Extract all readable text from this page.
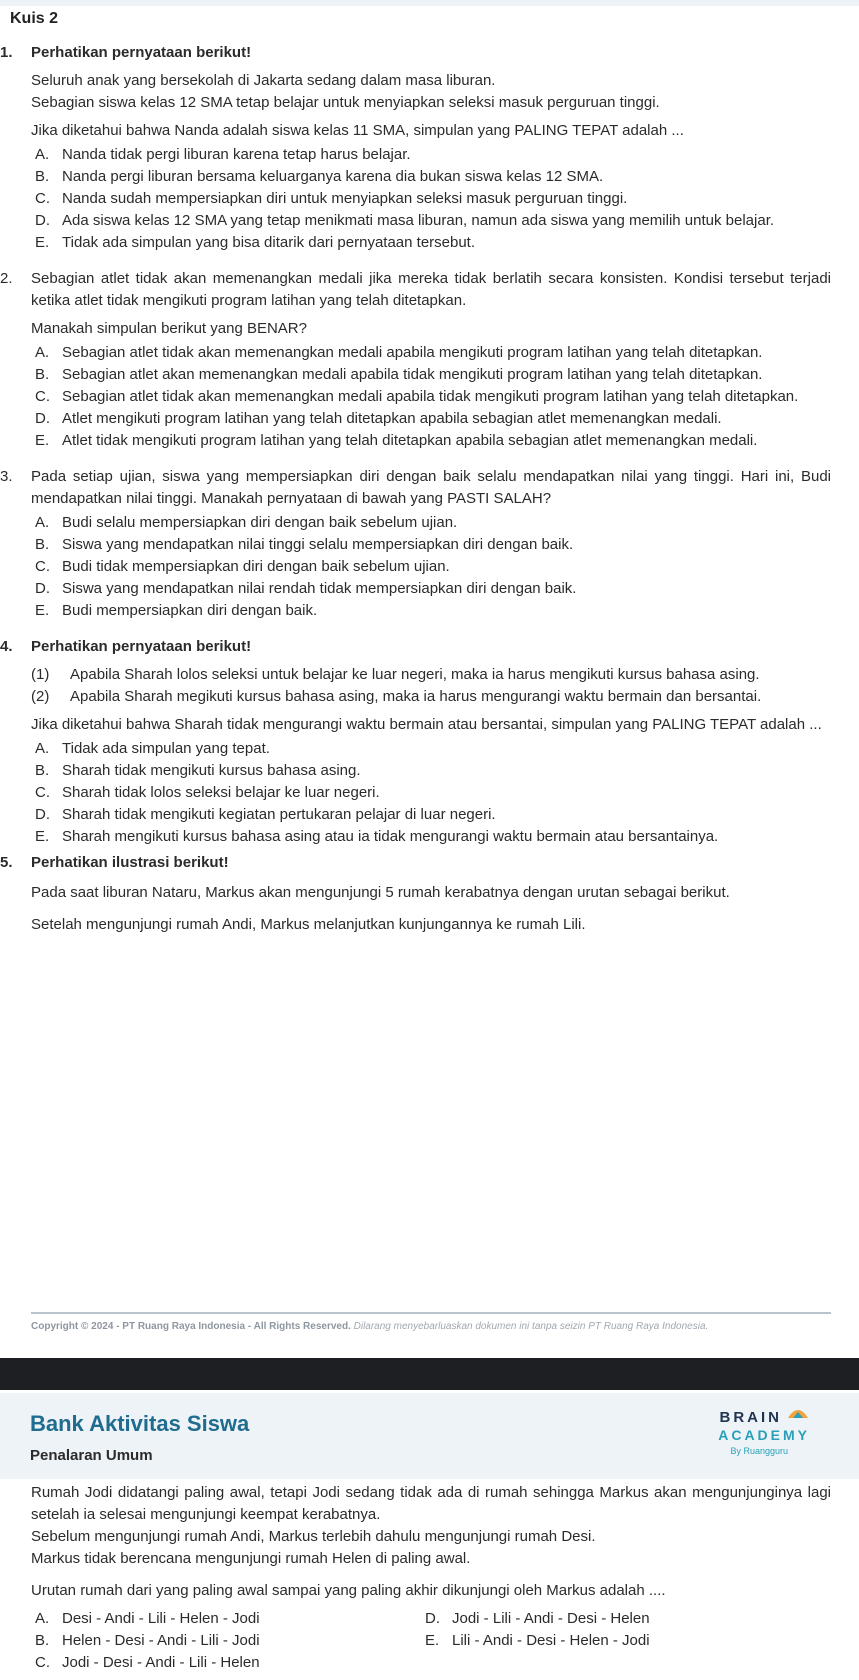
Kuis 2
1.	Perhatikan pernyataan berikut!
Seluruh anak yang bersekolah di Jakarta sedang dalam masa liburan.
Sebagian siswa kelas 12 SMA tetap belajar untuk menyiapkan seleksi masuk perguruan tinggi.
Jika diketahui bahwa Nanda adalah siswa kelas 11 SMA, simpulan yang PALING TEPAT adalah ...
A. Nanda tidak pergi liburan karena tetap harus belajar.
B. Nanda pergi liburan bersama keluarganya karena dia bukan siswa kelas 12 SMA.
C. Nanda sudah mempersiapkan diri untuk menyiapkan seleksi masuk perguruan tinggi.
D. Ada siswa kelas 12 SMA yang tetap menikmati masa liburan, namun ada siswa yang memilih untuk belajar.
E. Tidak ada simpulan yang bisa ditarik dari pernyataan tersebut.
2.	Sebagian atlet tidak akan memenangkan medali jika mereka tidak berlatih secara konsisten. Kondisi tersebut terjadi ketika atlet tidak mengikuti program latihan yang telah ditetapkan.
Manakah simpulan berikut yang BENAR?
A. Sebagian atlet tidak akan memenangkan medali apabila mengikuti program latihan yang telah ditetapkan.
B. Sebagian atlet akan memenangkan medali apabila tidak mengikuti program latihan yang telah ditetapkan.
C. Sebagian atlet tidak akan memenangkan medali apabila tidak mengikuti program latihan yang telah ditetapkan.
D. Atlet mengikuti program latihan yang telah ditetapkan apabila sebagian atlet memenangkan medali.
E. Atlet tidak mengikuti program latihan yang telah ditetapkan apabila sebagian atlet memenangkan medali.
3.	Pada setiap ujian, siswa yang mempersiapkan diri dengan baik selalu mendapatkan nilai yang tinggi. Hari ini, Budi mendapatkan nilai tinggi. Manakah pernyataan di bawah yang PASTI SALAH?
A. Budi selalu mempersiapkan diri dengan baik sebelum ujian.
B. Siswa yang mendapatkan nilai tinggi selalu mempersiapkan diri dengan baik.
C. Budi tidak mempersiapkan diri dengan baik sebelum ujian.
D. Siswa yang mendapatkan nilai rendah tidak mempersiapkan diri dengan baik.
E. Budi mempersiapkan diri dengan baik.
4.	Perhatikan pernyataan berikut!
(1)	Apabila Sharah lolos seleksi untuk belajar ke luar negeri, maka ia harus mengikuti kursus bahasa asing.
(2)	Apabila Sharah megikuti kursus bahasa asing, maka ia harus mengurangi waktu bermain dan bersantai.
Jika diketahui bahwa Sharah tidak mengurangi waktu bermain atau bersantai, simpulan yang PALING TEPAT adalah ...
A. Tidak ada simpulan yang tepat.
B. Sharah tidak mengikuti kursus bahasa asing.
C. Sharah tidak lolos seleksi belajar ke luar negeri.
D. Sharah tidak mengikuti kegiatan pertukaran pelajar di luar negeri.
E. Sharah mengikuti kursus bahasa asing atau ia tidak mengurangi waktu bermain atau bersantainya.
5.	Perhatikan ilustrasi berikut!
Pada saat liburan Nataru, Markus akan mengunjungi 5 rumah kerabatnya dengan urutan sebagai berikut.
Setelah mengunjungi rumah Andi, Markus melanjutkan kunjungannya ke rumah Lili.
Copyright © 2024 - PT Ruang Raya Indonesia - All Rights Reserved. Dilarang menyebarluaskan dokumen ini tanpa seizin PT Ruang Raya Indonesia.
Bank Aktivitas Siswa
Penalaran Umum
BRAIN
ACADEMY
By Ruangguru
Rumah Jodi didatangi paling awal, tetapi Jodi sedang tidak ada di rumah sehingga Markus akan mengunjunginya lagi setelah ia selesai mengunjungi keempat kerabatnya.
Sebelum mengunjungi rumah Andi, Markus terlebih dahulu mengunjungi rumah Desi.
Markus tidak berencana mengunjungi rumah Helen di paling awal.
Urutan rumah dari yang paling awal sampai yang paling akhir dikunjungi oleh Markus adalah ....
A. Desi - Andi - Lili - Helen - Jodi	D. Jodi - Lili - Andi - Desi - Helen
B. Helen - Desi - Andi - Lili - Jodi	E. Lili - Andi - Desi - Helen - Jodi
C. Jodi - Desi - Andi - Lili - Helen
